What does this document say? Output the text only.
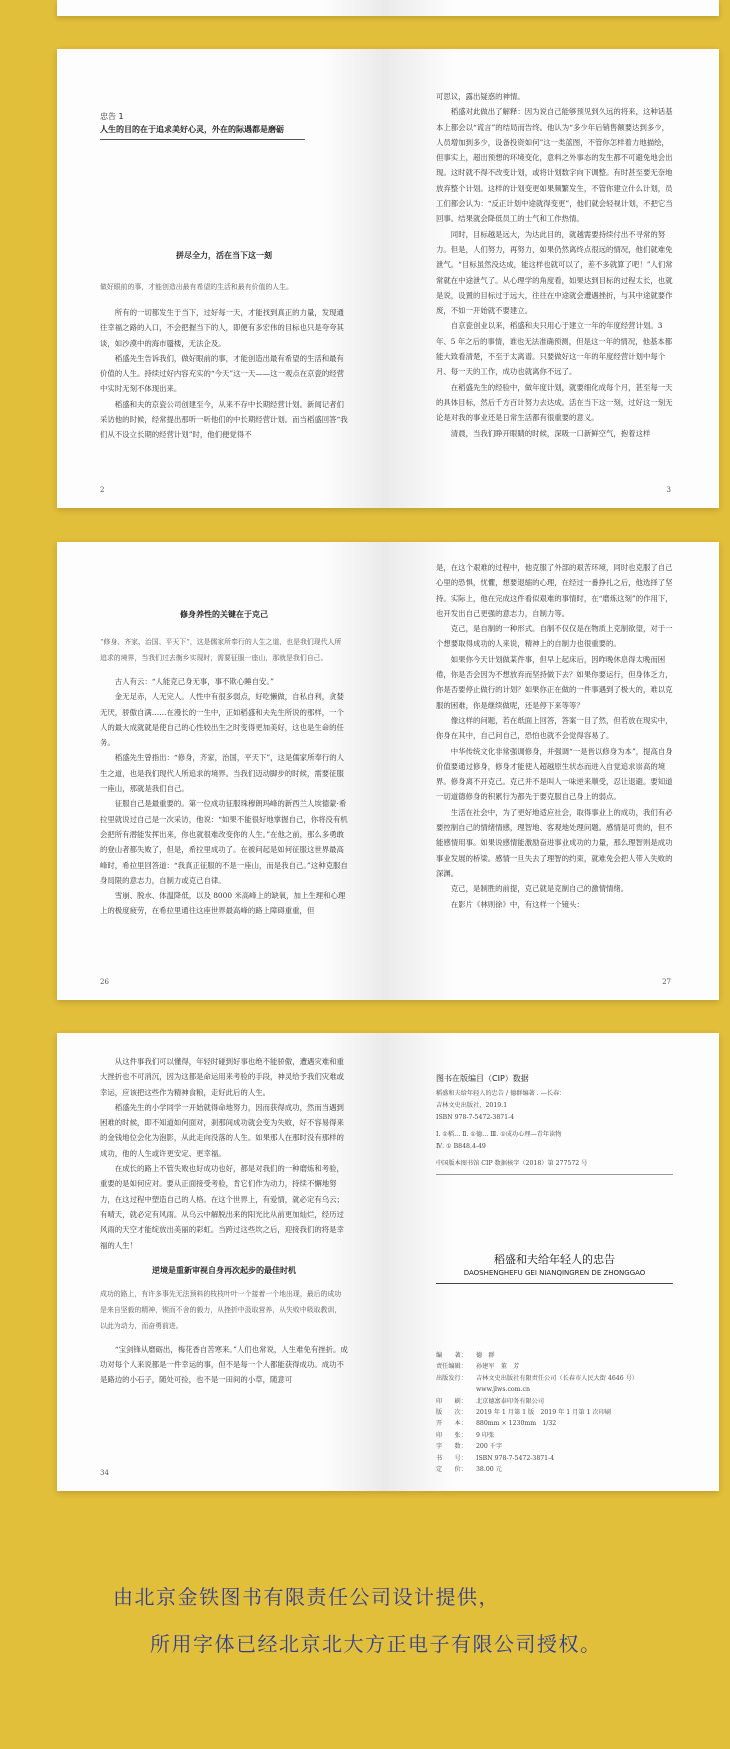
忠告 1

人生的目的在于追求美好心灵，外在的际遇都是磨砺

拼尽全力，活在当下这一刻

做好眼前的事，才能创造出最有希望的生活和最有价值的人生。

所有的一切都发生于当下，过好每一天，才能找到真正的力量，发现通往幸福之路的入口，不会把握当下的人，即便有多宏伟的目标也只是夸夸其谈，如沙漠中的海市蜃楼，无法企及。

稻盛先生告诉我们，做好眼前的事，才能创造出最有希望的生活和最有价值的人生。持续过好内容充实的“今天”这一天——这一观点在京瓷的经营中实时无刻不体现出来。

稻盛和夫的京瓷公司创建至今，从来不存中长期经营计划。新闻记者们采访他的时候，经常提出那听一听他们的中长期经营计划。而当稻盛回答“我们从不设立长期的经营计划”时，他们便觉得不

2

可思议，露出疑惑的神情。

稻盛对此做出了解释：因为说自己能够预见到久远的将来，这种话基本上都会以“谎言”的结局而告终。他认为“多少年后销售额要达到多少，人员增加到多少，设备投资如何”这一类蓝图，不管你怎样着力地描绘，但事实上，超出预想的环境变化，意料之外事态的发生都不可避免地会出现。这时就不得不改变计划，或将计划数字向下调整。有时甚至要无奈地放弃整个计划。这样的计划变更如果频繁发生，不管你建立什么计划，员工们都会认为：“反正计划中途就得变更”，他们就会轻视计划，不把它当回事。结果就会降低员工的士气和工作热情。

同时，目标越是远大，为达此目的，就越需要持续付出不寻常的努力。但是，人们努力，再努力，如果仍然离终点很远的情况，他们就难免泄气。“目标虽然没达成，能这样也就可以了，差不多就算了吧！”人们常常就在中途泄气了。从心理学的角度看，如果达到目标的过程太长，也就是说，设置的目标过于远大，往往在中途就会遭遇挫折，与其中途就要作废，不如一开始就不要建立。

自京瓷创业以来，稻盛和夫只用心于建立一年的年度经营计划。3 年、5 年之后的事情，谁也无法准确预测，但是这一年的情况，他基本都能大致看清楚，不至于太离谱。只要做好这一年的年度经营计划中每个月、每一天的工作，成功也就离你不远了。

在稻盛先生的经验中，做年度计划，就要细化成每个月，甚至每一天的具体目标，然后千方百计努力去达成。活在当下这一刻，过好这一刻无论是对我的事业还是日常生活都有很重要的意义。

清晨，当我们睁开眼睛的时候，深吸一口新鲜空气，抱着这样

3

修身养性的关键在于克己

“修身、齐家、治国、平天下”，这是儒家所奉行的人生之道，也是我们现代人所追求的境界，当我们过去衡乡实现时，需要征服一座山，那就是我们自己。

古人有云：“人能克己身无事，事不欺心睡自安。”

金无足赤，人无完人。人性中有很多弱点，好吃懒做，自私自利，贪婪无厌，骄傲自满……在漫长的一生中，正如稻盛和夫先生所说的那样，一个人的最大成就就是使自己的心性较出生之时变得更加美好，这也是生命的任务。

稻盛先生曾指出：“修身，齐家，治国，平天下”，这是儒家所奉行的人生之道，也是我们现代人所追求的境界。当我们迈动脚步的时候，需要征服一座山，那就是我们自己。

征服自己是最重要的。第一位成功征服珠穆朗玛峰的新西兰人埃德蒙·希拉里就说过自己是一次采访，他说：“如果不能很好地掌握自己，你将没有机会把所有潜能发挥出来，你也就很难改变你的人生。”在他之前，那么多勇敢的登山者都失败了，但是，希拉里成功了。在被问起是如何征服这世界最高峰时，希拉里回答道：“我真正征服的不是一座山，而是我自己。”这种克服自身局限的意志力，自制力或克己自律。

雪崩、脱水、体温降低，以及 8000 米高峰上的缺氧，加上生理和心理上的极度疲劳，在希拉里通往这座世界最高峰的路上障碍重重，但

26

是，在这个艰难的过程中，他克服了外部的艰苦环境，同时也克服了自己心里的恐惧，忧懼，想要退缩的心理，在经过一番挣扎之后，他选择了坚持。实际上，他在完成这件看似艰难的事情时，在“磨炼这刻”的作用下，也开发出自己更强的意志力，自制力等。

克己，是自制的一种形式。自制不仅仅是在物质上克制欲望，对于一个想要取得成功的人来说，精神上的自制力也很重要的。

如果你今天计划做某件事，但早上起床后，因昨晚休息得太晚而困倦，你是否会因为不想放弃而坚持做下去？如果你要运行，但身体乏力，你是否要停止做行的计划？如果你正在做的一件事遇到了极大的，难以克服的困难，你是继续做呢，还是停下来等等？

像这样的问题，若在纸面上回答，答案一目了然，但若放在现实中，你身在其中，自己问自己，恐怕也就不会觉得容易了。

中华传统文化非常强调修身，并强调“一是皆以修身为本”，提高自身价值要通过修身，修身才能使人超越原生状态而进入自觉追求崇高的境界。修身离不开克己。克己并不是叫人一味逆来顺受，忍让退避。要知道一切道德修身的积累行为都先于要克服自己身上的弱点。

生活在社会中，为了更好地适应社会，取得事业上的成功，我们有必要控制自己的情绪情感，理智地、客观地处理问题。感情是可贵的，但不能感情用事。如果说感情能激励奋进事业成功的力量，那么理智则是成功事业发展的桥梁。感情一旦失去了理智的约束，就难免会把人带入失败的深渊。

克己，是制胜的前提，克己就是克制自己的激情情绪。

在影片《林则徐》中，有这样一个镜头：

27

从这件事我们可以懂得，年轻时碰到好事也绝不能骄傲，遭遇灾难和重大挫折也不可消沉，因为这都是命运用来考验的手段，神灵给予我们灾难或幸运，应该把这些作为精神食粮，走好此后的人生。

稻盛先生的小学同学一开始就得命地努力，因而获得成功，然而当遇到困难的时候，即不知道如何面对，刹那间成功就会变为失败，好不容易得来的金钱地位会化为泡影，从此走向没落的人生。如果那人在那时没有那样的成功，他的人生或许更安定、更幸福。

在成长的路上不管失败也好成功也好，都是对我们的一种磨炼和考验，重要的是如何应对。要从正面接受考验，肯它们作为动力，持续不懈地努力，在这过程中塑造自己的人格。在这个世界上，有爱情，就必定有乌云；有晴天，就必定有风雨。从乌云中解脱出来的阳光比从前更加灿烂，经历过风雨的天空才能绽放出美丽的彩虹。当跨过这些坎之后，迎接我们的将是幸福的人生！

逆境是重新审视自身再次起步的最佳时机

成功的路上，有许多事先无法预料的枝枝叶叶一个接着一个地出现，最后的成功是来自坚毅的精神，锲而不舍的毅力，从挫折中汲取营养，从失败中吸取教训，以此为动力，而奋勇前进。

“宝剑锋从磨砺出，梅花香自苦寒来。”人们也常说，人生难免有挫折。成功对每个人来说都是一件幸运的事，但不是每一个人都能获得成功。成功不是路边的小石子，随处可捡，也不是一田间的小草，随意可

34

图书在版编目（CIP）数据

稻盛和夫给年轻人的忠告 / 德群编著 . —长春：

吉林文史出版社，2019.1

ISBN 978-7-5472-3871-4

Ⅰ. ①稻… Ⅱ. ①德… Ⅲ. ①成功心理—青年读物

Ⅳ. ① B848.4-49

中国版本图书馆 CIP 数据核字（2018）第 277572 号

稻盛和夫给年轻人的忠告

DAOSHENGHEFU GEI NIANQINGREN DE ZHONGGAO

编　　著：	德　群
责任编辑：	孙建军　董　芳
出版发行：	吉林文史出版社有限责任公司（长春市人民大街 4646 号）
www.jlws.com.cn
印　　刷：	北京德富泰印务有限公司
版　　次：	2019 年 1 月第 1 版　2019 年 1 月第 1 次印刷
开　　本：	880mm × 1230mm　1/32
印　　张：	9 印张
字　　数：	200 千字
书　　号：	ISBN 978-7-5472-3871-4
定　　价：	38.00 元
由北京金铁图书有限责任公司设计提供，
所用字体已经北京北大方正电子有限公司授权。
